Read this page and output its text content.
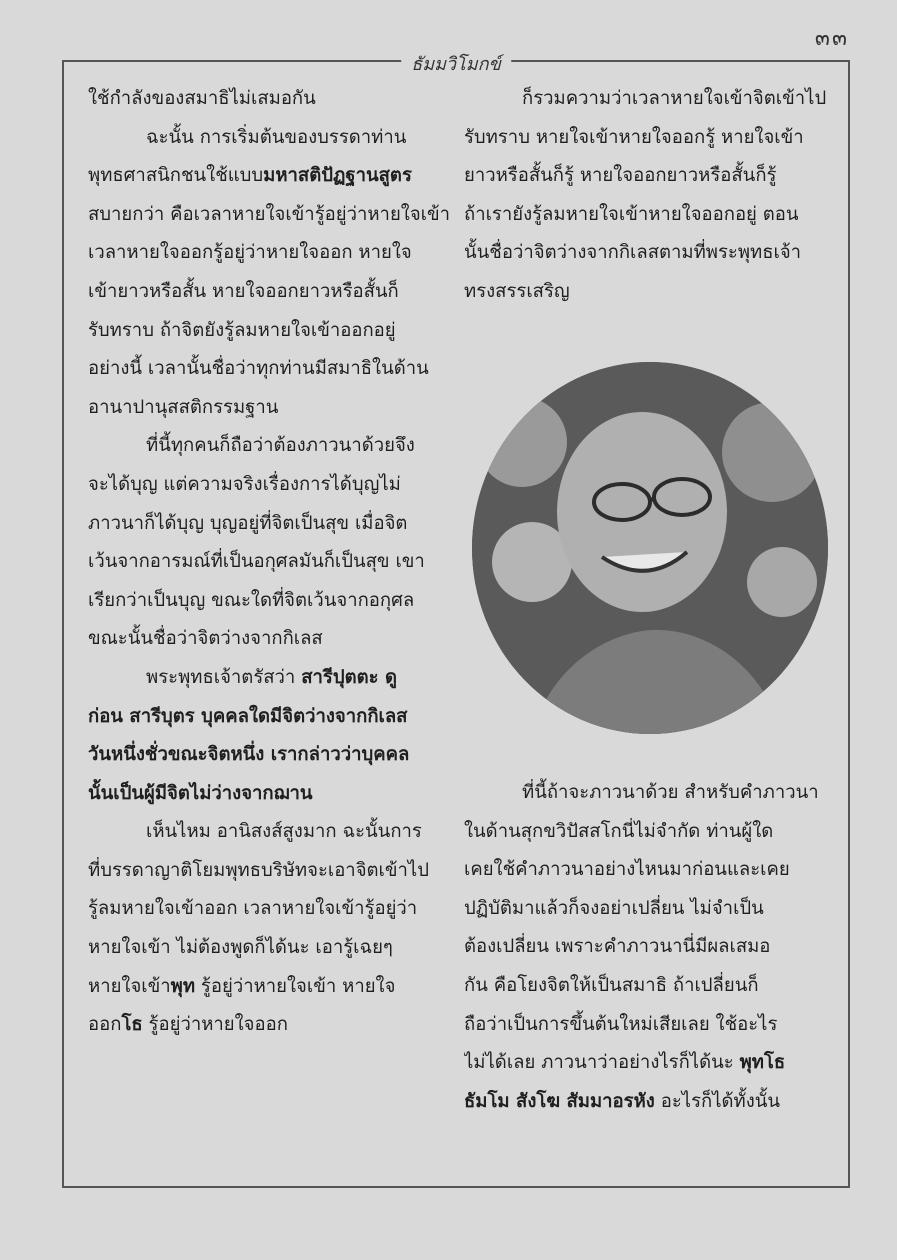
๓๓
ธัมมวิโมกข์
ใช้กำลังของสมาธิไม่เสมอกัน
ฉะนั้น การเริ่มต้นของบรรดาท่าน
พุทธศาสนิกชนใช้แบบมหาสติปัฏฐานสูตร
สบายกว่า คือเวลาหายใจเข้ารู้อยู่ว่าหายใจเข้า
เวลาหายใจออกรู้อยู่ว่าหายใจออก หายใจ
เข้ายาวหรือสั้น หายใจออกยาวหรือสั้นก็
รับทราบ ถ้าจิตยังรู้ลมหายใจเข้าออกอยู่
อย่างนี้ เวลานั้นชื่อว่าทุกท่านมีสมาธิในด้าน
อานาปานุสสติกรรมฐาน
ที่นี้ทุกคนก็ถือว่าต้องภาวนาด้วยจึง
จะได้บุญ แต่ความจริงเรื่องการได้บุญไม่
ภาวนาก็ได้บุญ บุญอยู่ที่จิตเป็นสุข เมื่อจิต
เว้นจากอารมณ์ที่เป็นอกุศลมันก็เป็นสุข เขา
เรียกว่าเป็นบุญ ขณะใดที่จิตเว้นจากอกุศล
ขณะนั้นชื่อว่าจิตว่างจากกิเลส
พระพุทธเจ้าตรัสว่า สารีปุตตะ ดู
ก่อน สารีบุตร บุคคลใดมีจิตว่างจากกิเลส
วันหนึ่งชั่วขณะจิตหนึ่ง เรากล่าวว่าบุคคล
นั้นเป็นผู้มีจิตไม่ว่างจากฌาน
เห็นไหม อานิสงส์สูงมาก ฉะนั้นการ
ที่บรรดาญาติโยมพุทธบริษัทจะเอาจิตเข้าไป
รู้ลมหายใจเข้าออก เวลาหายใจเข้ารู้อยู่ว่า
หายใจเข้า ไม่ต้องพูดก็ได้นะ เอารู้เฉยๆ
หายใจเข้าพุท รู้อยู่ว่าหายใจเข้า หายใจ
ออกโธ รู้อยู่ว่าหายใจออก
ก็รวมความว่าเวลาหายใจเข้าจิตเข้าไป
รับทราบ หายใจเข้าหายใจออกรู้ หายใจเข้า
ยาวหรือสั้นก็รู้ หายใจออกยาวหรือสั้นก็รู้
ถ้าเรายังรู้ลมหายใจเข้าหายใจออกอยู่ ตอน
นั้นชื่อว่าจิตว่างจากกิเลสตามที่พระพุทธเจ้า
ทรงสรรเสริญ
ที่นี้ถ้าจะภาวนาด้วย สำหรับคำภาวนา
ในด้านสุกขวิปัสสโกนี่ไม่จำกัด ท่านผู้ใด
เคยใช้คำภาวนาอย่างไหนมาก่อนและเคย
ปฏิบัติมาแล้วก็จงอย่าเปลี่ยน ไม่จำเป็น
ต้องเปลี่ยน เพราะคำภาวนานี่มีผลเสมอ
กัน คือโยงจิตให้เป็นสมาธิ ถ้าเปลี่ยนก็
ถือว่าเป็นการขึ้นต้นใหม่เสียเลย ใช้อะไร
ไม่ได้เลย ภาวนาว่าอย่างไรก็ได้นะ พุทโธ
ธัมโม สังโฆ สัมมาอรหัง อะไรก็ได้ทั้งนั้น
